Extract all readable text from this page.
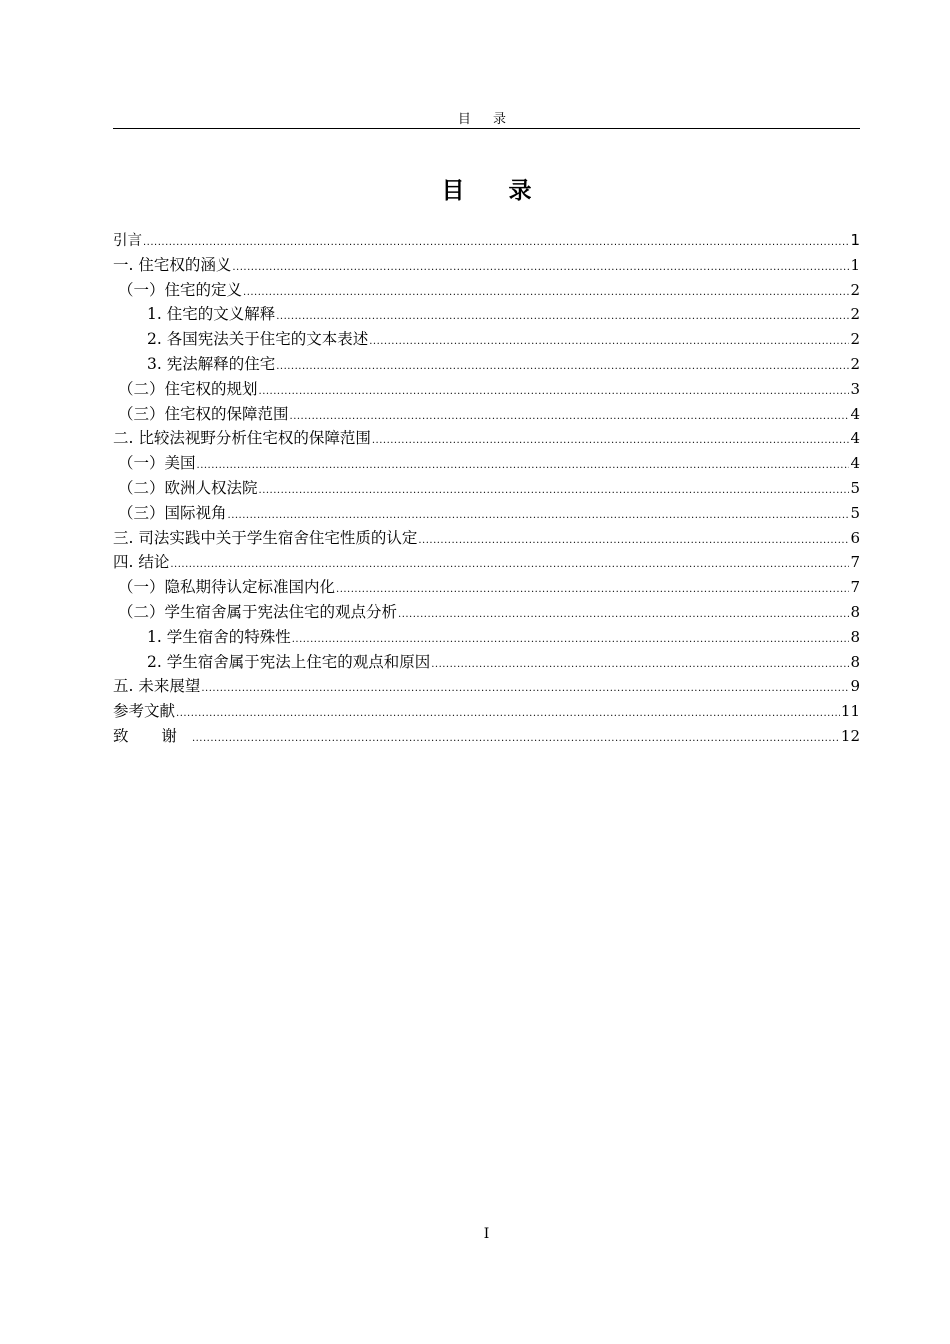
目 录
目 录
引言 .....	1
一. 住宅权的涵义 .....	1
（一）住宅的定义 .....	2
1. 住宅的文义解释 .....	2
2. 各国宪法关于住宅的文本表述 .....	2
3. 宪法解释的住宅 .....	2
（二）住宅权的规划 .....	3
（三）住宅权的保障范围 .....	4
二. 比较法视野分析住宅权的保障范围 .....	4
（一）美国 .....	4
（二）欧洲人权法院 .....	5
（三）国际视角 .....	5
三. 司法实践中关于学生宿舍住宅性质的认定 .....	6
四. 结论 .....	7
（一）隐私期待认定标准国内化 .....	7
（二）学生宿舍属于宪法住宅的观点分析 .....	8
1. 学生宿舍的特殊性 .....	8
2. 学生宿舍属于宪法上住宅的观点和原因 .....	8
五. 未来展望 .....	9
参考文献 .....	11
致 谢 .....	12
I
